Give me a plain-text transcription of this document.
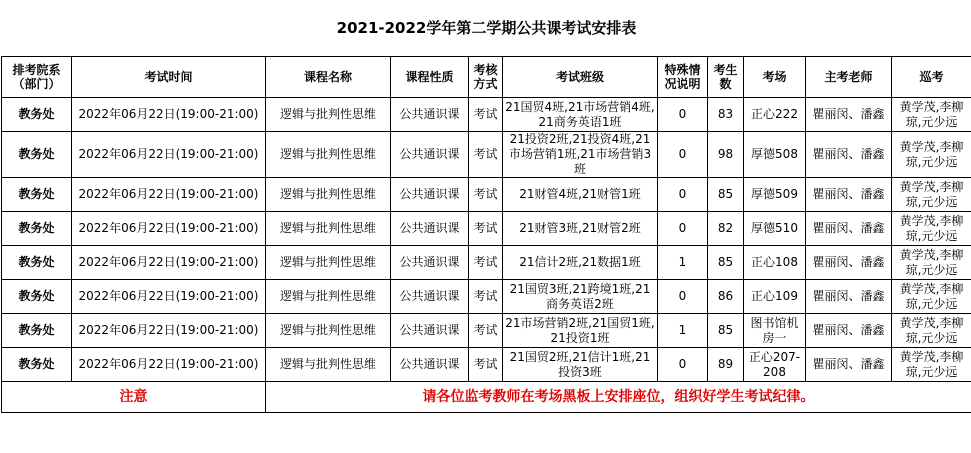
2021-2022学年第二学期公共课考试安排表										
排考院系（部门）	考试时间	课程名称	课程性质	考核方式	考试班级	特殊情况说明	考生数	考场	主考老师	巡考
教务处	2022年06月22日(19:00-21:00)	逻辑与批判性思维	公共通识课	考试	21国贸4班,21市场营销4班,21商务英语1班	0	83	正心222	瞿丽闵、潘鑫	黄学茂,李柳琼,元少远
教务处	2022年06月22日(19:00-21:00)	逻辑与批判性思维	公共通识课	考试	21投资2班,21投资4班,21市场营销1班,21市场营销3班	0	98	厚德508	瞿丽闵、潘鑫	黄学茂,李柳琼,元少远
教务处	2022年06月22日(19:00-21:00)	逻辑与批判性思维	公共通识课	考试	21财管4班,21财管1班	0	85	厚德509	瞿丽闵、潘鑫	黄学茂,李柳琼,元少远
教务处	2022年06月22日(19:00-21:00)	逻辑与批判性思维	公共通识课	考试	21财管3班,21财管2班	0	82	厚德510	瞿丽闵、潘鑫	黄学茂,李柳琼,元少远
教务处	2022年06月22日(19:00-21:00)	逻辑与批判性思维	公共通识课	考试	21信计2班,21数据1班	1	85	正心108	瞿丽闵、潘鑫	黄学茂,李柳琼,元少远
教务处	2022年06月22日(19:00-21:00)	逻辑与批判性思维	公共通识课	考试	21国贸3班,21跨境1班,21商务英语2班	0	86	正心109	瞿丽闵、潘鑫	黄学茂,李柳琼,元少远
教务处	2022年06月22日(19:00-21:00)	逻辑与批判性思维	公共通识课	考试	21市场营销2班,21国贸1班,21投资1班	1	85	图书馆机房一	瞿丽闵、潘鑫	黄学茂,李柳琼,元少远
教务处	2022年06月22日(19:00-21:00)	逻辑与批判性思维	公共通识课	考试	21国贸2班,21信计1班,21投资3班	0	89	正心207-208	瞿丽闵、潘鑫	黄学茂,李柳琼,元少远
注意		请各位监考教师在考场黑板上安排座位，组织好学生考试纪律。								
